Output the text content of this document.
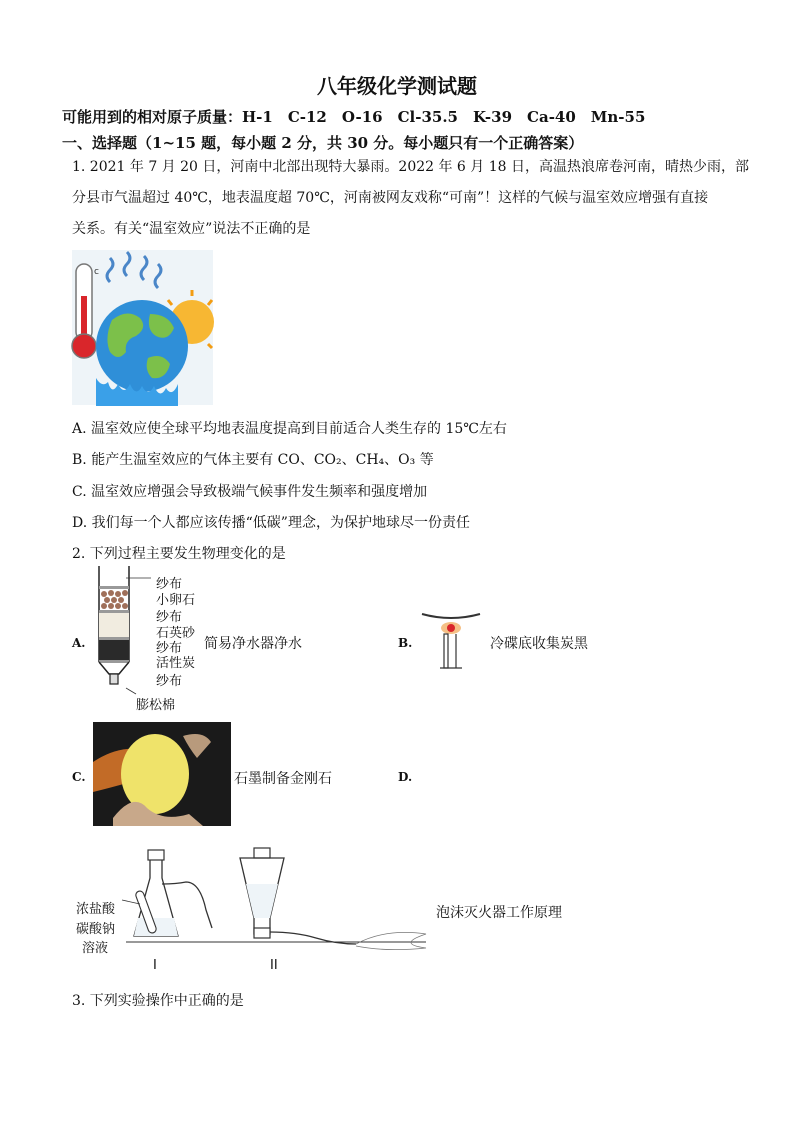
八年级化学测试题
可能用到的相对原子质量：H-1　C-12　O-16　Cl-35.5　K-39　Ca-40　Mn-55
一、选择题（1~15 题，每小题 2 分，共 30 分。每小题只有一个正确答案）
1. 2021 年 7 月 20 日，河南中北部出现特大暴雨。2022 年 6 月 18 日，高温热浪席卷河南，晴热少雨，部
分县市气温超过 40℃，地表温度超 70℃，河南被网友戏称“可南”！这样的气候与温室效应增强有直接
关系。有关“温室效应”说法不正确的是
c
A. 温室效应使全球平均地表温度提高到目前适合人类生存的 15℃左右
B. 能产生温室效应的气体主要有 CO、CO₂、CH₄、O₃ 等
C. 温室效应增强会导致极端气候事件发生频率和强度增加
D. 我们每一个人都应该传播“低碳”理念，为保护地球尽一份责任
2. 下列过程主要发生物理变化的是
A.
纱布
小卵石
纱布
石英砂
纱布
活性炭
纱布
膨松棉
简易净水器净水	B.	冷碟底收集炭黑
C.	石墨制备金刚石	D.
浓盐酸
碳酸钠
溶液
I	II
泡沫灭火器工作原理
3. 下列实验操作中正确的是
